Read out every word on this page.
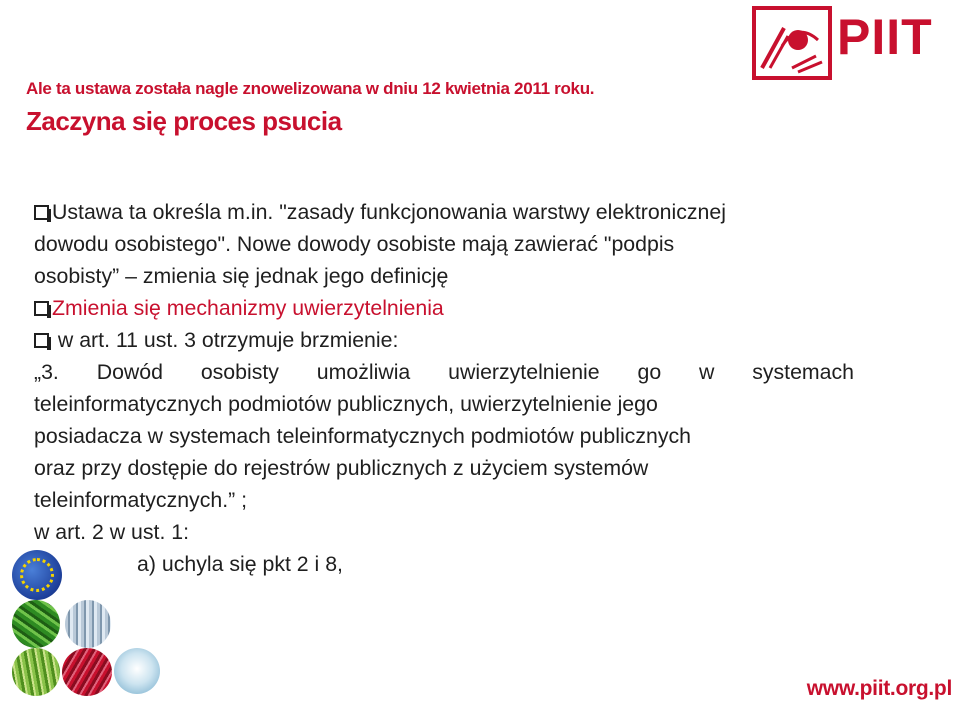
Ale ta ustawa została nagle znowelizowana w dniu 12 kwietnia 2011 roku.
Zaczyna się proces psucia
PIIT
Ustawa ta określa m.in. "zasady funkcjonowania warstwy elektronicznej
dowodu osobistego". Nowe dowody osobiste mają zawierać "podpis
osobisty” – zmienia się jednak jego definicję
Zmienia się mechanizmy uwierzytelnienia
w art. 11 ust. 3 otrzymuje brzmienie:
„3. Dowód osobisty umożliwia uwierzytelnienie go w systemach
teleinformatycznych podmiotów publicznych, uwierzytelnienie jego
posiadacza w systemach teleinformatycznych podmiotów publicznych
oraz przy dostępie do rejestrów publicznych z użyciem systemów
teleinformatycznych.” ;
w art. 2 w ust. 1:
a) uchyla się pkt 2 i 8,
www.piit.org.pl
